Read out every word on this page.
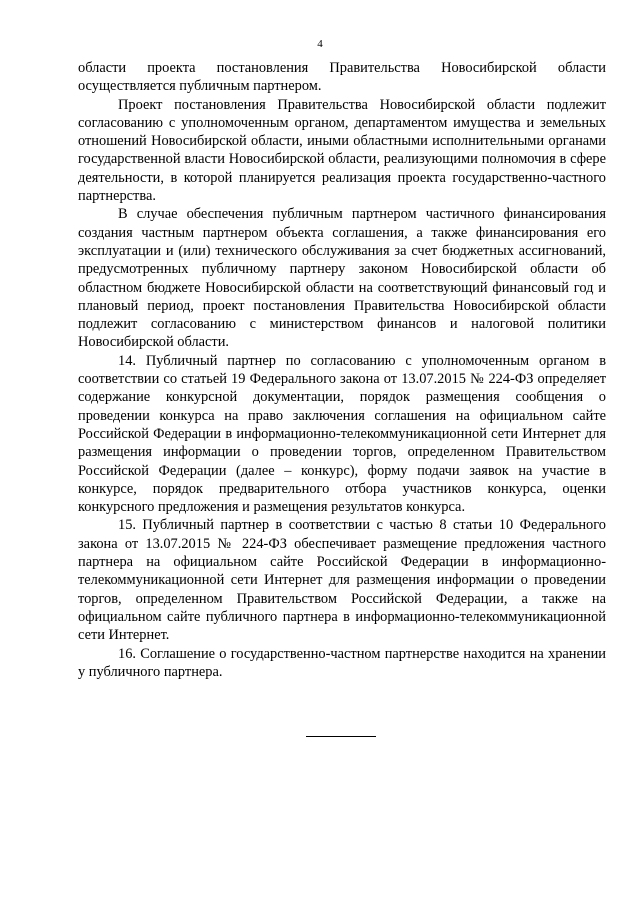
4

области проекта постановления Правительства Новосибирской области осуществляется публичным партнером.

Проект постановления Правительства Новосибирской области подлежит согласованию с уполномоченным органом, департаментом имущества и земельных отношений Новосибирской области, иными областными исполнительными органами государственной власти Новосибирской области, реализующими полномочия в сфере деятельности, в которой планируется реализация проекта государственно-частного партнерства.

В случае обеспечения публичным партнером частичного финансирования создания частным партнером объекта соглашения, а также финансирования его эксплуатации и (или) технического обслуживания за счет бюджетных ассигнований, предусмотренных публичному партнеру законом Новосибирской области об областном бюджете Новосибирской области на соответствующий финансовый год и плановый период, проект постановления Правительства Новосибирской области подлежит согласованию с министерством финансов и налоговой политики Новосибирской области.

14. Публичный партнер по согласованию с уполномоченным органом в соответствии со статьей 19 Федерального закона от 13.07.2015 № 224-ФЗ определяет содержание конкурсной документации, порядок размещения сообщения о проведении конкурса на право заключения соглашения на официальном сайте Российской Федерации в информационно-телекоммуникационной сети Интернет для размещения информации о проведении торгов, определенном Правительством Российской Федерации (далее – конкурс), форму подачи заявок на участие в конкурсе, порядок предварительного отбора участников конкурса, оценки конкурсного предложения и размещения результатов конкурса.

15. Публичный партнер в соответствии с частью 8 статьи 10 Федерального закона от 13.07.2015 № 224-ФЗ обеспечивает размещение предложения частного партнера на официальном сайте Российской Федерации в информационно-телекоммуникационной сети Интернет для размещения информации о проведении торгов, определенном Правительством Российской Федерации, а также на официальном сайте публичного партнера в информационно-телекоммуникационной сети Интернет.

16. Соглашение о государственно-частном партнерстве находится на хранении у публичного партнера.
